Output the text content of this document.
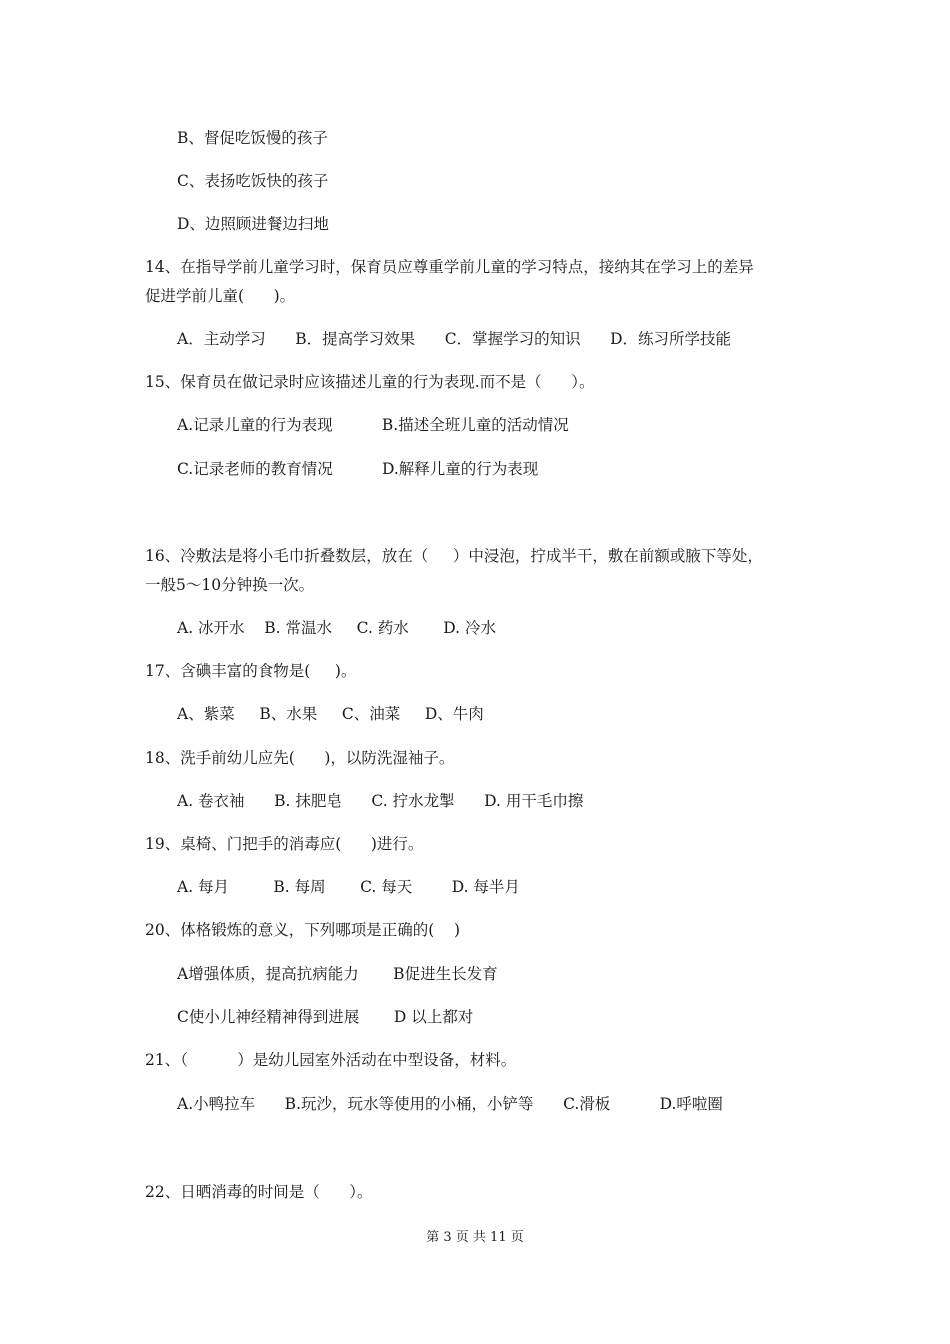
B、督促吃饭慢的孩子
C、表扬吃饭快的孩子
D、边照顾进餐边扫地
14、在指导学前儿童学习时，保育员应尊重学前儿童的学习特点，接纳其在学习上的差异
促进学前儿童(      )。
A．主动学习      B．提高学习效果      C．掌握学习的知识      D．练习所学技能
15、保育员在做记录时应该描述儿童的行为表现.而不是（      ）。
A.记录儿童的行为表现          B.描述全班儿童的活动情况
C.记录老师的教育情况          D.解释儿童的行为表现
16、冷敷法是将小毛巾折叠数层，放在（     ）中浸泡，拧成半干，敷在前额或腋下等处，
一般5～10分钟换一次。
A. 冰开水    B. 常温水     C. 药水       D. 冷水
17、含碘丰富的食物是(     )。
A、紫菜     B、水果     C、油菜     D、牛肉
18、洗手前幼儿应先(      )，以防洗湿袖子。
A. 卷衣袖      B. 抹肥皂      C. 拧水龙掣      D. 用干毛巾擦
19、桌椅、门把手的消毒应(      )进行。
A. 每月         B. 每周       C. 每天        D. 每半月
20、体格锻炼的意义，下列哪项是正确的(    )
A增强体质，提高抗病能力       B促进生长发育
C使小儿神经精神得到进展       D 以上都对
21、（          ）是幼儿园室外活动在中型设备，材料。
A.小鸭拉车      B.玩沙，玩水等使用的小桶，小铲等      C.滑板          D.呼啦圈
22、日晒消毒的时间是（      ）。
第 3 页 共 11 页
